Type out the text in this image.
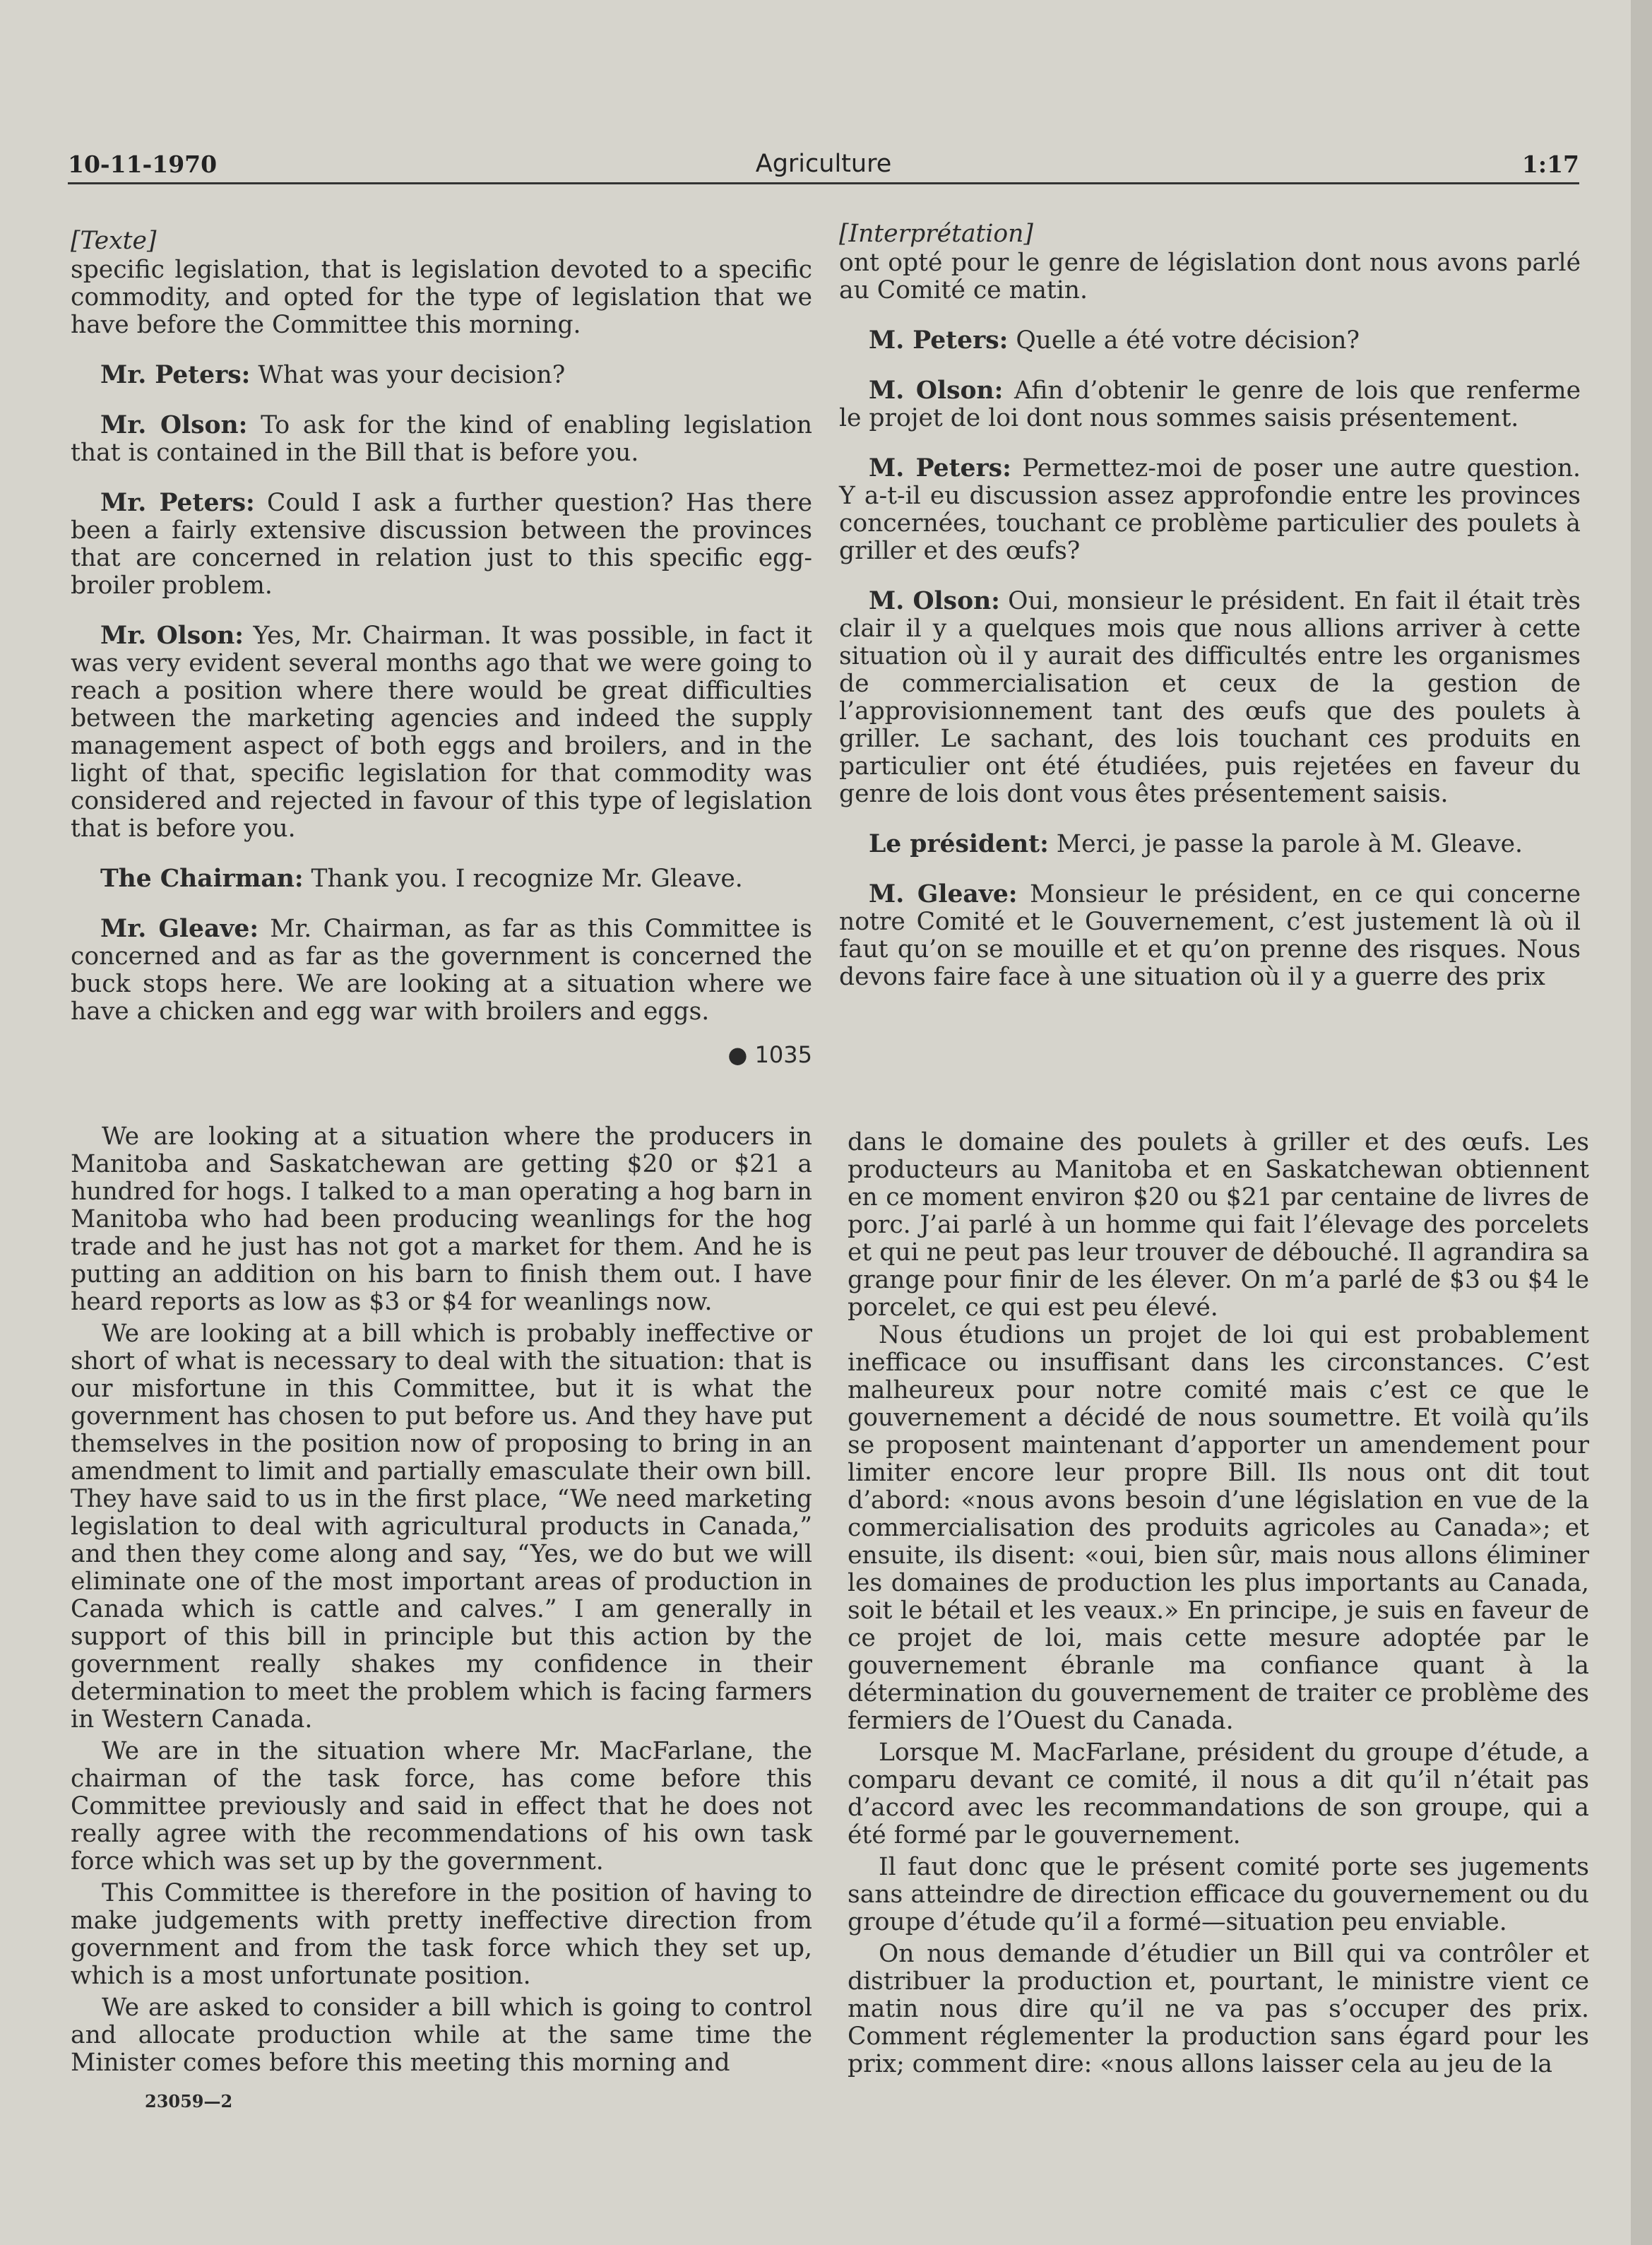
10-11-1970	Agriculture	1:17

[Texte]

specific legislation, that is legislation devoted to a specific commodity, and opted for the type of legislation that we have before the Committee this morning.

Mr. Peters: What was your decision?

Mr. Olson: To ask for the kind of enabling legislation that is contained in the Bill that is before you.

Mr. Peters: Could I ask a further question? Has there been a fairly extensive discussion between the provinces that are concerned in relation just to this specific egg-broiler problem.

Mr. Olson: Yes, Mr. Chairman. It was possible, in fact it was very evident several months ago that we were going to reach a position where there would be great difficulties between the marketing agencies and indeed the supply management aspect of both eggs and broilers, and in the light of that, specific legislation for that commodity was considered and rejected in favour of this type of legislation that is before you.

The Chairman: Thank you. I recognize Mr. Gleave.

Mr. Gleave: Mr. Chairman, as far as this Committee is concerned and as far as the government is concerned the buck stops here. We are looking at a situation where we have a chicken and egg war with broilers and eggs.

● 1035

[Interprétation]

ont opté pour le genre de législation dont nous avons parlé au Comité ce matin.

M. Peters: Quelle a été votre décision?

M. Olson: Afin d’obtenir le genre de lois que renferme le projet de loi dont nous sommes saisis présentement.

M. Peters: Permettez-moi de poser une autre question. Y a-t-il eu discussion assez approfondie entre les provinces concernées, touchant ce problème particulier des poulets à griller et des œufs?

M. Olson: Oui, monsieur le président. En fait il était très clair il y a quelques mois que nous allions arriver à cette situation où il y aurait des difficultés entre les organismes de commercialisation et ceux de la gestion de l’approvisionnement tant des œufs que des poulets à griller. Le sachant, des lois touchant ces produits en particulier ont été étudiées, puis rejetées en faveur du genre de lois dont vous êtes présentement saisis.

Le président: Merci, je passe la parole à M. Gleave.

M. Gleave: Monsieur le président, en ce qui concerne notre Comité et le Gouvernement, c’est justement là où il faut qu’on se mouille et et qu’on prenne des risques. Nous devons faire face à une situation où il y a guerre des prix

We are looking at a situation where the producers in Manitoba and Saskatchewan are getting $20 or $21 a hundred for hogs. I talked to a man operating a hog barn in Manitoba who had been producing weanlings for the hog trade and he just has not got a market for them. And he is putting an addition on his barn to finish them out. I have heard reports as low as $3 or $4 for weanlings now.

We are looking at a bill which is probably ineffective or short of what is necessary to deal with the situation: that is our misfortune in this Committee, but it is what the government has chosen to put before us. And they have put themselves in the position now of proposing to bring in an amendment to limit and partially emasculate their own bill. They have said to us in the first place, “We need marketing legislation to deal with agricultural products in Canada,” and then they come along and say, “Yes, we do but we will eliminate one of the most important areas of production in Canada which is cattle and calves.” I am generally in support of this bill in principle but this action by the government really shakes my confidence in their determination to meet the problem which is facing farmers in Western Canada.

We are in the situation where Mr. MacFarlane, the chairman of the task force, has come before this Committee previously and said in effect that he does not really agree with the recommendations of his own task force which was set up by the government.

This Committee is therefore in the position of having to make judgements with pretty ineffective direction from government and from the task force which they set up, which is a most unfortunate position.

We are asked to consider a bill which is going to control and allocate production while at the same time the Minister comes before this meeting this morning and

dans le domaine des poulets à griller et des œufs. Les producteurs au Manitoba et en Saskatchewan obtiennent en ce moment environ $20 ou $21 par centaine de livres de porc. J’ai parlé à un homme qui fait l’élevage des porcelets et qui ne peut pas leur trouver de débouché. Il agrandira sa grange pour finir de les élever. On m’a parlé de $3 ou $4 le porcelet, ce qui est peu élevé.

Nous étudions un projet de loi qui est probablement inefficace ou insuffisant dans les circonstances. C’est malheureux pour notre comité mais c’est ce que le gouvernement a décidé de nous soumettre. Et voilà qu’ils se proposent maintenant d’apporter un amendement pour limiter encore leur propre Bill. Ils nous ont dit tout d’abord: «nous avons besoin d’une législation en vue de la commercialisation des produits agricoles au Canada»; et ensuite, ils disent: «oui, bien sûr, mais nous allons éliminer les domaines de production les plus importants au Canada, soit le bétail et les veaux.» En principe, je suis en faveur de ce projet de loi, mais cette mesure adoptée par le gouvernement ébranle ma confiance quant à la détermination du gouvernement de traiter ce problème des fermiers de l’Ouest du Canada.

Lorsque M. MacFarlane, président du groupe d’étude, a comparu devant ce comité, il nous a dit qu’il n’était pas d’accord avec les recommandations de son groupe, qui a été formé par le gouvernement.

Il faut donc que le présent comité porte ses jugements sans atteindre de direction efficace du gouvernement ou du groupe d’étude qu’il a formé—situation peu enviable.

On nous demande d’étudier un Bill qui va contrôler et distribuer la production et, pourtant, le ministre vient ce matin nous dire qu’il ne va pas s’occuper des prix. Comment réglementer la production sans égard pour les prix; comment dire: «nous allons laisser cela au jeu de la

23059—2
